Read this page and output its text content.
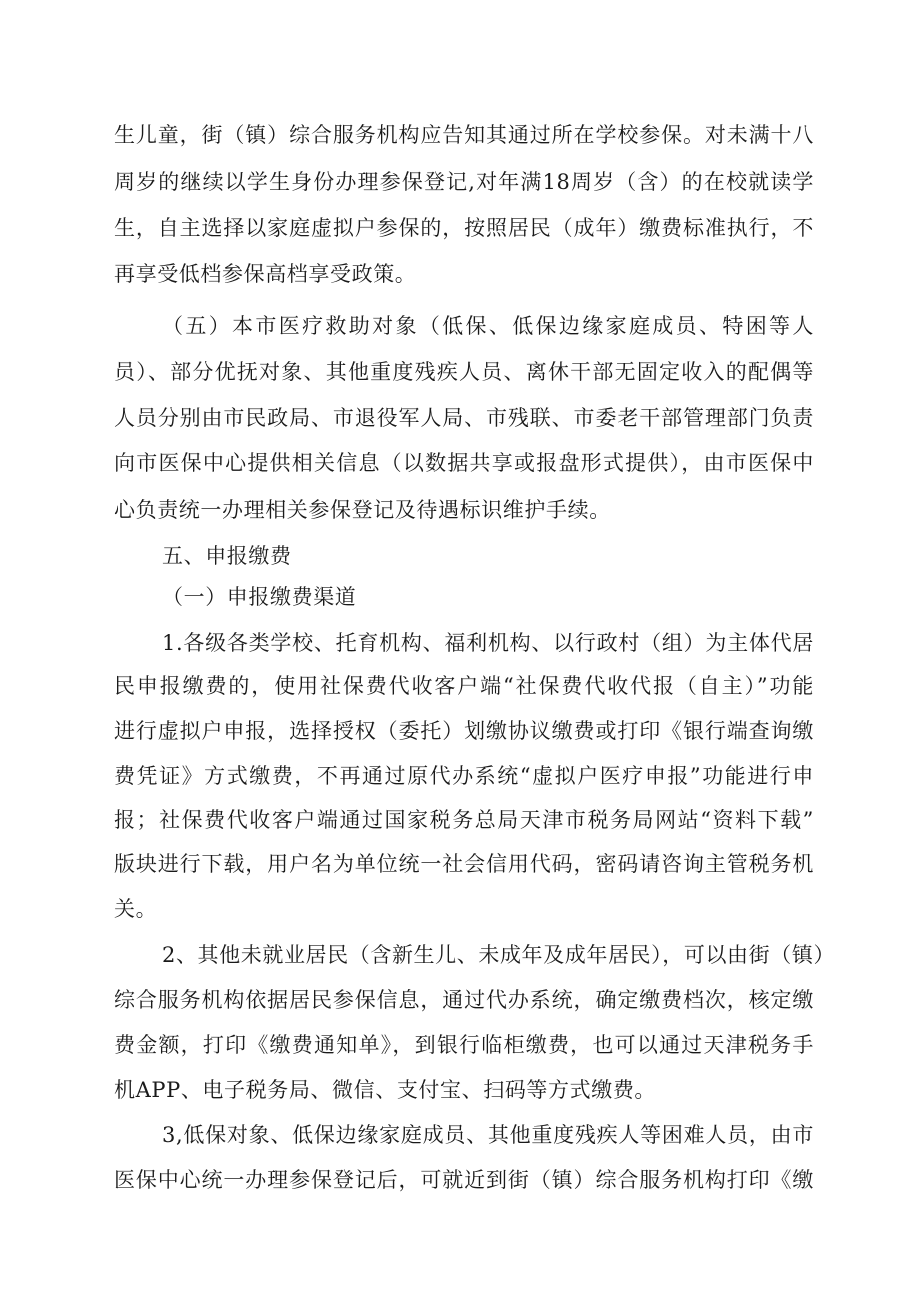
生儿童，街（镇）综合服务机构应告知其通过所在学校参保。对未满十八
周岁的继续以学生身份办理参保登记,对年满18周岁（含）的在校就读学
生，自主选择以家庭虚拟户参保的，按照居民（成年）缴费标准执行，不
再享受低档参保高档享受政策。
（五）本市医疗救助对象（低保、低保边缘家庭成员、特困等人
员）、部分优抚对象、其他重度残疾人员、离休干部无固定收入的配偶等
人员分别由市民政局、市退役军人局、市残联、市委老干部管理部门负责
向市医保中心提供相关信息（以数据共享或报盘形式提供），由市医保中
心负责统一办理相关参保登记及待遇标识维护手续。
五、申报缴费
（一）申报缴费渠道
1.各级各类学校、托育机构、福利机构、以行政村（组）为主体代居
民申报缴费的，使用社保费代收客户端“社保费代收代报（自主）”功能
进行虚拟户申报，选择授权（委托）划缴协议缴费或打印《银行端查询缴
费凭证》方式缴费，不再通过原代办系统“虚拟户医疗申报”功能进行申
报；社保费代收客户端通过国家税务总局天津市税务局网站“资料下载”
版块进行下载，用户名为单位统一社会信用代码，密码请咨询主管税务机
关。
2、其他未就业居民（含新生儿、未成年及成年居民），可以由街（镇）
综合服务机构依据居民参保信息，通过代办系统，确定缴费档次，核定缴
费金额，打印《缴费通知单》，到银行临柜缴费，也可以通过天津税务手
机APP、电子税务局、微信、支付宝、扫码等方式缴费。
3,低保对象、低保边缘家庭成员、其他重度残疾人等困难人员，由市
医保中心统一办理参保登记后，可就近到街（镇）综合服务机构打印《缴
